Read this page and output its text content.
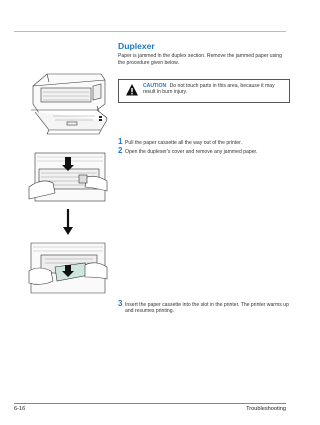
Duplexer
Paper is jammed in the duplex section. Remove the jammed paper using the procedure given below.
CAUTION Do not touch parts in this area, because it may result in burn injury.
1 Pull the paper cassette all the way out of the printer.
2 Open the duplexer's cover and remove any jammed paper.
3 Insert the paper cassette into the slot in the printer. The printer warms up and resumes printing.
6-16	Troubleshooting
